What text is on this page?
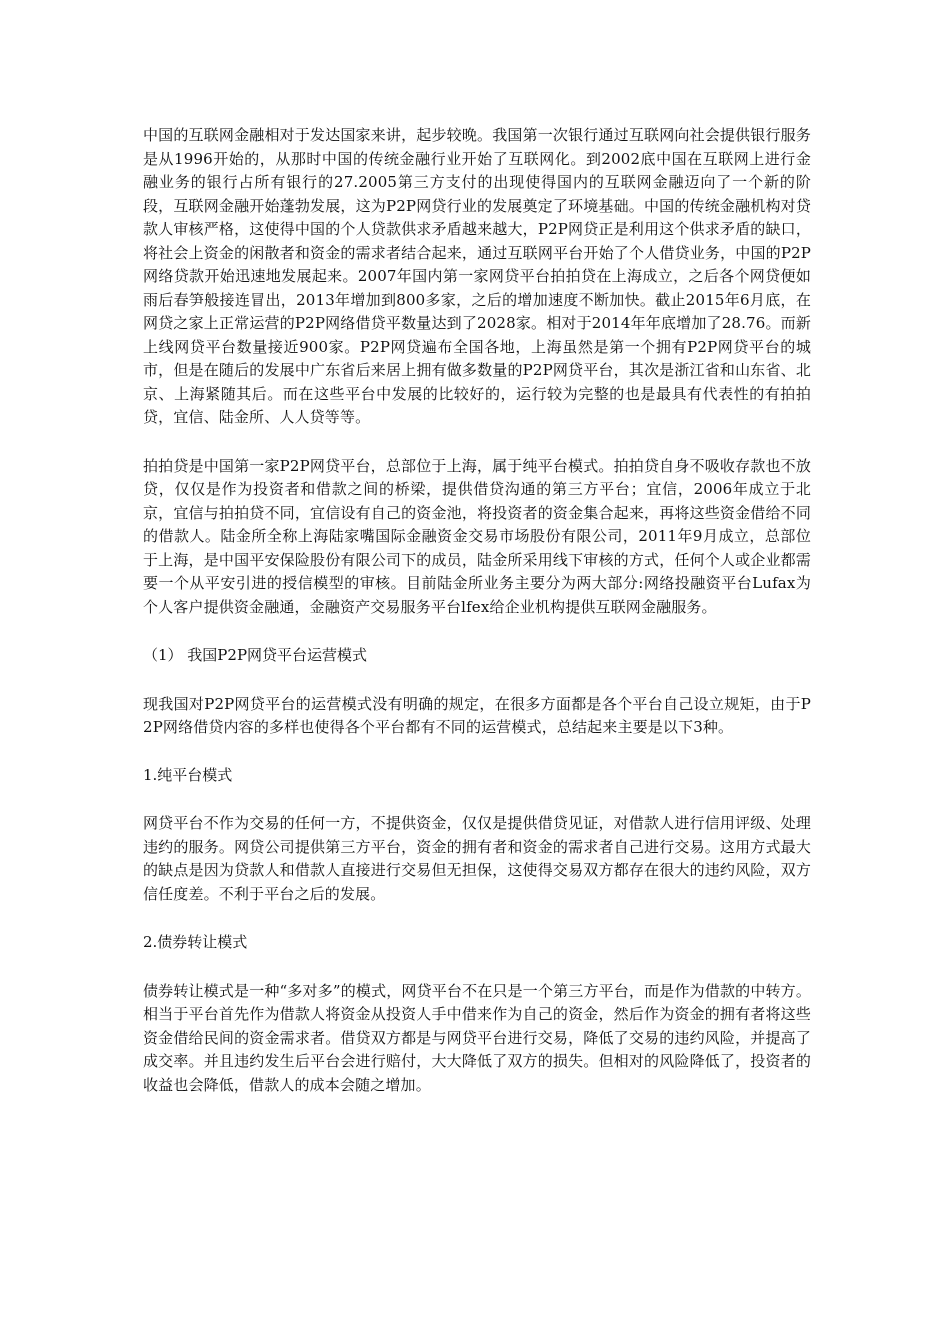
中国的互联网金融相对于发达国家来讲，起步较晚。我国第一次银行通过互联网向社会提供银行服务是从1996开始的，从那时中国的传统金融行业开始了互联网化。到2002底中国在互联网上进行金融业务的银行占所有银行的27.2005第三方支付的出现使得国内的互联网金融迈向了一个新的阶段，互联网金融开始蓬勃发展，这为P2P网贷行业的发展奠定了环境基础。中国的传统金融机构对贷款人审核严格，这使得中国的个人贷款供求矛盾越来越大，P2P网贷正是利用这个供求矛盾的缺口，将社会上资金的闲散者和资金的需求者结合起来，通过互联网平台开始了个人借贷业务，中国的P2P网络贷款开始迅速地发展起来。2007年国内第一家网贷平台拍拍贷在上海成立，之后各个网贷便如雨后春笋般接连冒出，2013年增加到800多家，之后的增加速度不断加快。截止2015年6月底，在网贷之家上正常运营的P2P网络借贷平数量达到了2028家。相对于2014年年底增加了28.76。而新上线网贷平台数量接近900家。P2P网贷遍布全国各地，上海虽然是第一个拥有P2P网贷平台的城市，但是在随后的发展中广东省后来居上拥有做多数量的P2P网贷平台，其次是浙江省和山东省、北京、上海紧随其后。而在这些平台中发展的比较好的，运行较为完整的也是最具有代表性的有拍拍贷，宜信、陆金所、人人贷等等。

拍拍贷是中国第一家P2P网贷平台，总部位于上海，属于纯平台模式。拍拍贷自身不吸收存款也不放贷，仅仅是作为投资者和借款之间的桥梁，提供借贷沟通的第三方平台；宜信，2006年成立于北京，宜信与拍拍贷不同，宜信设有自己的资金池，将投资者的资金集合起来，再将这些资金借给不同的借款人。陆金所全称上海陆家嘴国际金融资金交易市场股份有限公司，2011年9月成立，总部位于上海，是中国平安保险股份有限公司下的成员，陆金所采用线下审核的方式，任何个人或企业都需要一个从平安引进的授信模型的审核。目前陆金所业务主要分为两大部分:网络投融资平台Lufax为个人客户提供资金融通，金融资产交易服务平台lfex给企业机构提供互联网金融服务。

（1） 我国P2P网贷平台运营模式

现我国对P2P网贷平台的运营模式没有明确的规定，在很多方面都是各个平台自己设立规矩，由于P2P网络借贷内容的多样也使得各个平台都有不同的运营模式，总结起来主要是以下3种。

1.纯平台模式

网贷平台不作为交易的任何一方，不提供资金，仅仅是提供借贷见证，对借款人进行信用评级、处理违约的服务。网贷公司提供第三方平台，资金的拥有者和资金的需求者自己进行交易。这用方式最大的缺点是因为贷款人和借款人直接进行交易但无担保，这使得交易双方都存在很大的违约风险，双方信任度差。不利于平台之后的发展。

2.债券转让模式

债券转让模式是一种“多对多”的模式，网贷平台不在只是一个第三方平台，而是作为借款的中转方。相当于平台首先作为借款人将资金从投资人手中借来作为自己的资金，然后作为资金的拥有者将这些资金借给民间的资金需求者。借贷双方都是与网贷平台进行交易，降低了交易的违约风险，并提高了成交率。并且违约发生后平台会进行赔付，大大降低了双方的损失。但相对的风险降低了，投资者的收益也会降低，借款人的成本会随之增加。
